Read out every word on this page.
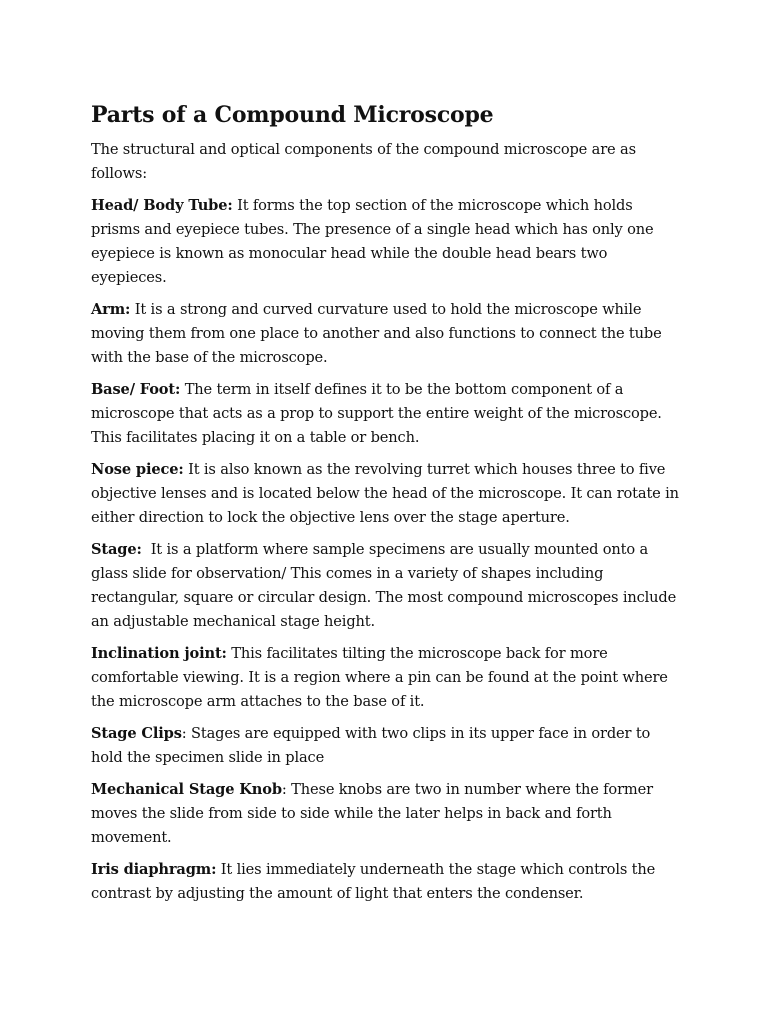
Parts of a Compound Microscope

The structural and optical components of the compound microscope are as follows:

Head/ Body Tube: It forms the top section of the microscope which holds prisms and eyepiece tubes. The presence of a single head which has only one eyepiece is known as monocular head while the double head bears two eyepieces.

Arm: It is a strong and curved curvature used to hold the microscope while moving them from one place to another and also functions to connect the tube with the base of the microscope.

Base/ Foot: The term in itself defines it to be the bottom component of a microscope that acts as a prop to support the entire weight of the microscope. This facilitates placing it on a table or bench.

Nose piece: It is also known as the revolving turret which houses three to five objective lenses and is located below the head of the microscope. It can rotate in either direction to lock the objective lens over the stage aperture.

Stage:  It is a platform where sample specimens are usually mounted onto a glass slide for observation/ This comes in a variety of shapes including rectangular, square or circular design. The most compound microscopes include an adjustable mechanical stage height.

Inclination joint: This facilitates tilting the microscope back for more comfortable viewing. It is a region where a pin can be found at the point where the microscope arm attaches to the base of it.

Stage Clips: Stages are equipped with two clips in its upper face in order to hold the specimen slide in place

Mechanical Stage Knob: These knobs are two in number where the former moves the slide from side to side while the later helps in back and forth movement.

Iris diaphragm: It lies immediately underneath the stage which controls the contrast by adjusting the amount of light that enters the condenser.
